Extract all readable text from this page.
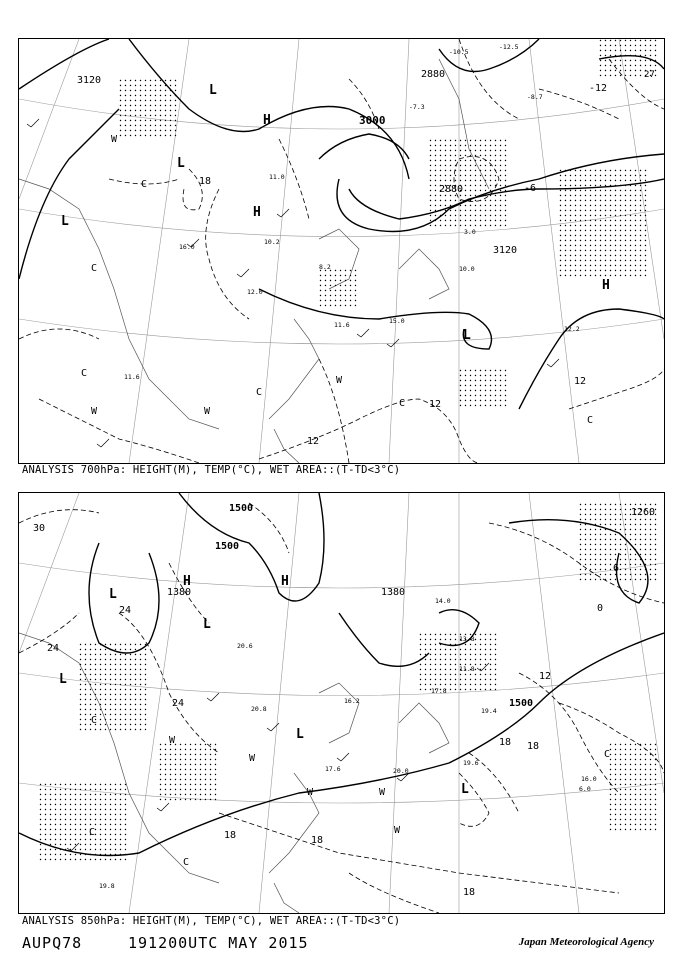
3120
3000
2880
2880
3120
12
12
12
18
-6
-12
27
L
H
L
H
L
H
L
C
W
C
C
W	W
C
W
C
C
16.0
10.2
8.2
12.0
11.6
-7.3
11.0
12.2
11.6
3.0
10.0
15.0
-10.5
-12.5
-8.7
ANALYSIS 700hPa: HEIGHT(M), TEMP(°C), WET AREA::(T-TD<3°C)
1500
1500
1380	1380
1500
1260
30
24
24
24
18	18
18 18
18
12
6
0
L
H	H
L
L
L
L
C
W
W
W	W
C
C
C
W
17.6	20.0
19.6
20.6
17.8
11.8
19.4
16.2
20.8
19.8
14.0
13.8
6.0
16.0
ANALYSIS 850hPa: HEIGHT(M), TEMP(°C), WET AREA::(T-TD<3°C)
AUPQ78	191200UTC MAY 2015	Japan Meteorological Agency
